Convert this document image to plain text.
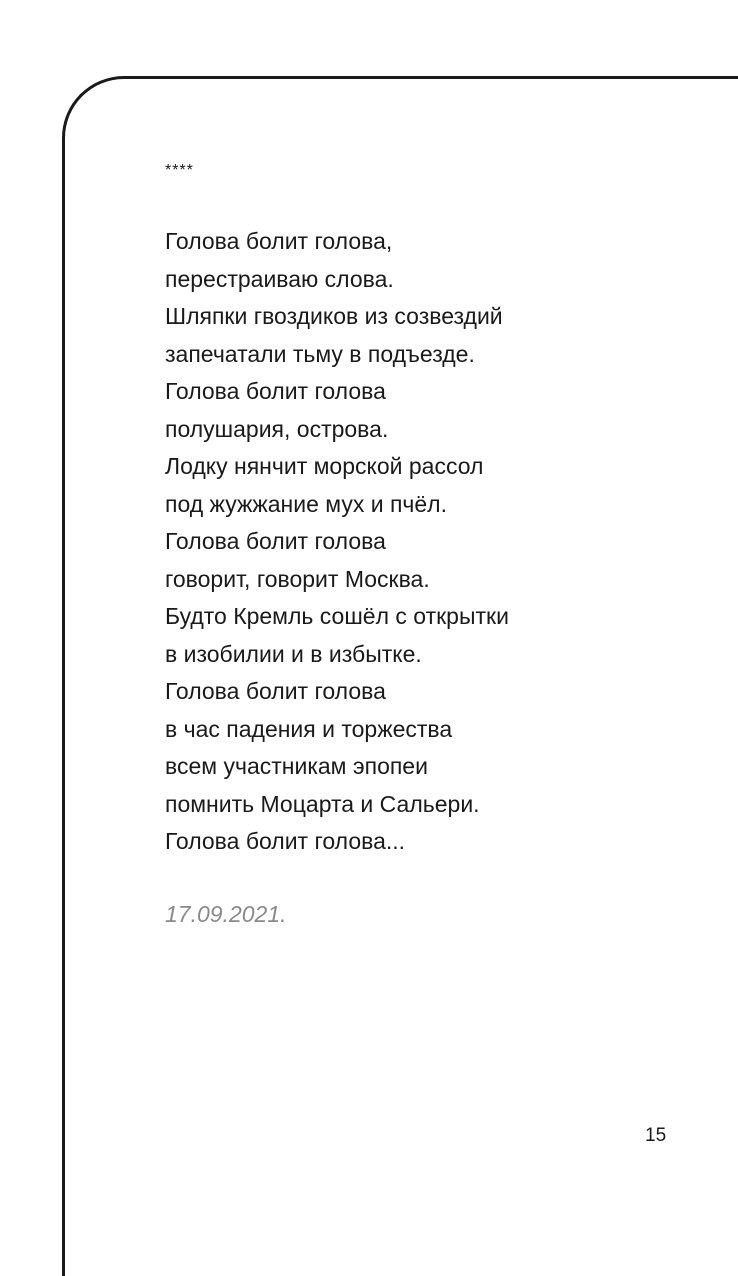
****

Голова болит голова,
перестраиваю слова.
Шляпки гвоздиков из созвездий
запечатали тьму в подъезде.
Голова болит голова
полушария, острова.
Лодку нянчит морской рассол
под жужжание мух и пчёл.
Голова болит голова
говорит, говорит Москва.
Будто Кремль сошёл с открытки
в изобилии и в избытке.
Голова болит голова
в час падения и торжества
всем участникам эпопеи
помнить Моцарта и Сальери.
Голова болит голова...
17.09.2021.
15
